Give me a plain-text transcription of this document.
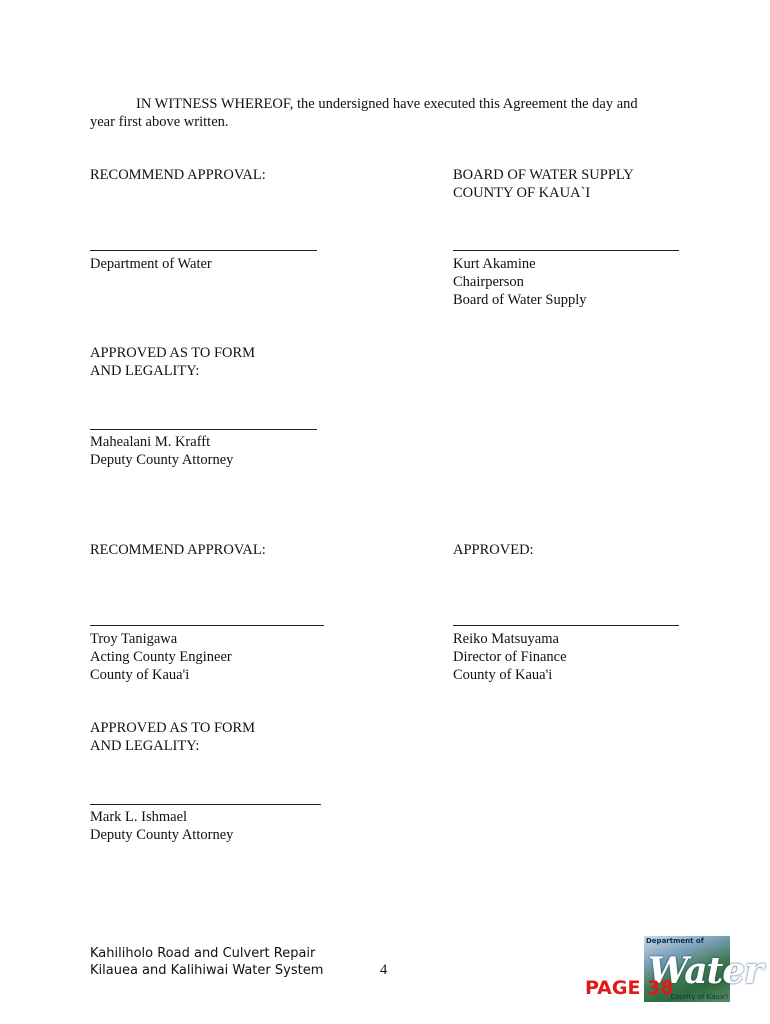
IN WITNESS WHEREOF, the undersigned have executed this Agreement the day and
year first above written.
RECOMMEND APPROVAL:	BOARD OF WATER SUPPLY
COUNTY OF KAUA`I
Department of Water	Kurt Akamine
Chairperson
Board of Water Supply
APPROVED AS TO FORM
AND LEGALITY:
Mahealani M. Krafft
Deputy County Attorney
RECOMMEND APPROVAL:	APPROVED:
Troy Tanigawa
Acting County Engineer
County of Kaua'i
Reiko Matsuyama
Director of Finance
County of Kaua'i
APPROVED AS TO FORM
AND LEGALITY:
Mark L. Ishmael
Deputy County Attorney
Kahiliholo Road and Culvert Repair
Kilauea and Kalihiwai Water System	4
Department of
Water
County of Kaua'i
PAGE 38
